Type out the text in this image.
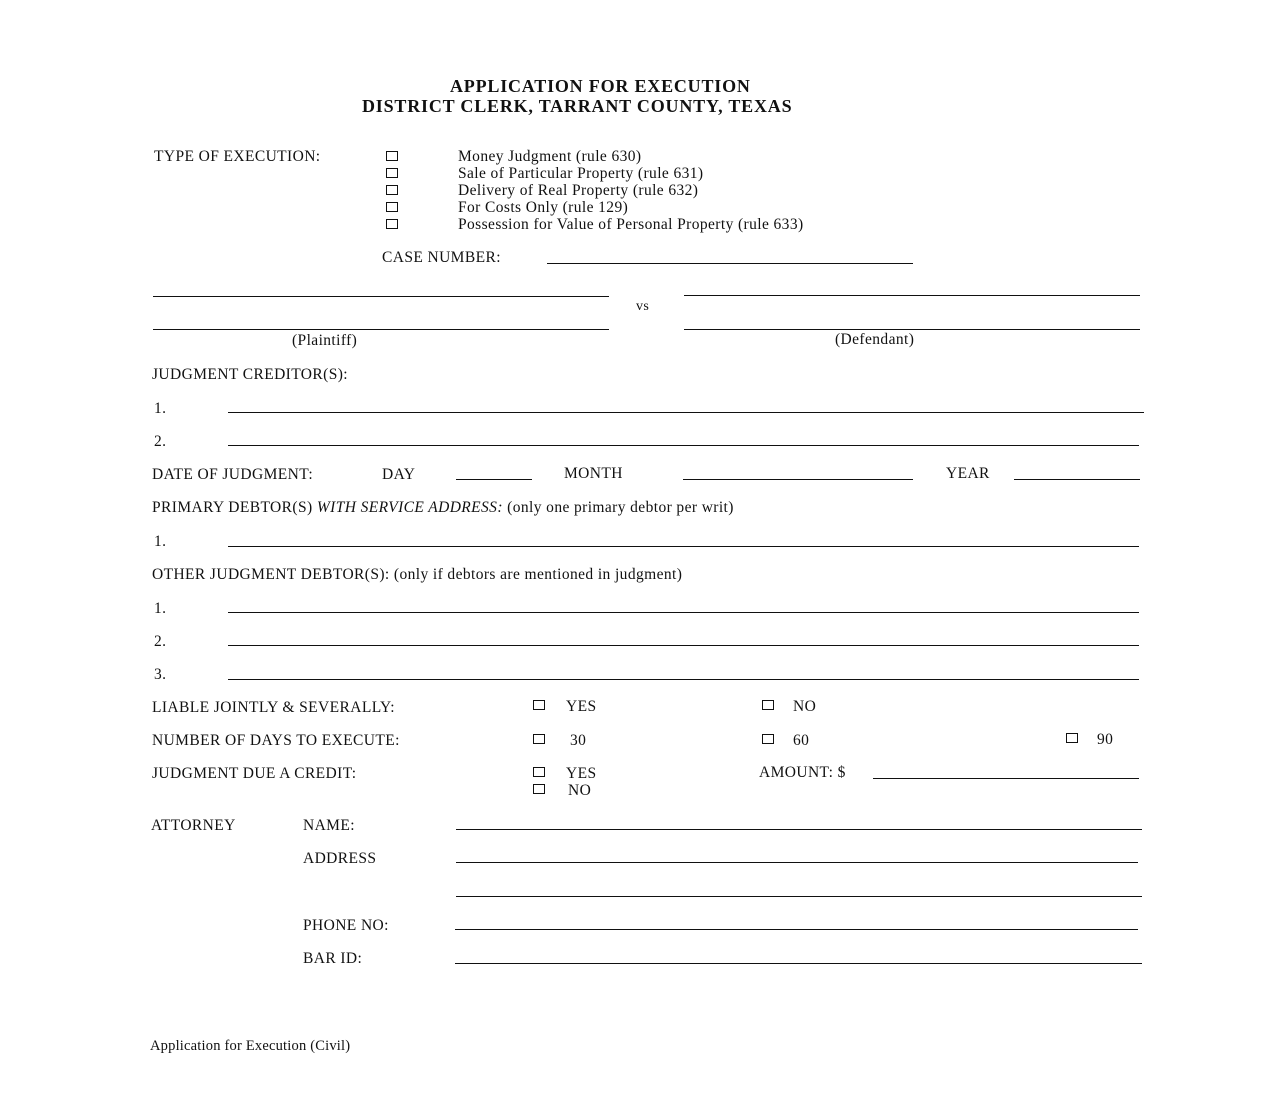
APPLICATION FOR EXECUTION
DISTRICT CLERK, TARRANT COUNTY, TEXAS
TYPE OF EXECUTION:	Money Judgment (rule 630)
Sale of Particular Property (rule 631)
Delivery of Real Property (rule 632)
For Costs Only (rule 129)
Possession for Value of Personal Property (rule 633)
CASE NUMBER:
vs
(Plaintiff)	(Defendant)
JUDGMENT CREDITOR(S):
1.
2.
DATE OF JUDGMENT:	DAY	MONTH	YEAR
PRIMARY DEBTOR(S) WITH SERVICE ADDRESS: (only one primary debtor per writ)
1.
OTHER JUDGMENT DEBTOR(S): (only if debtors are mentioned in judgment)
1.
2.
3.
LIABLE JOINTLY & SEVERALLY:	YES	NO
NUMBER OF DAYS TO EXECUTE:	30	60	90
JUDGMENT DUE A CREDIT:	YES
NO
AMOUNT: $
ATTORNEY	NAME:
ADDRESS
PHONE NO:
BAR ID:
Application for Execution (Civil)
